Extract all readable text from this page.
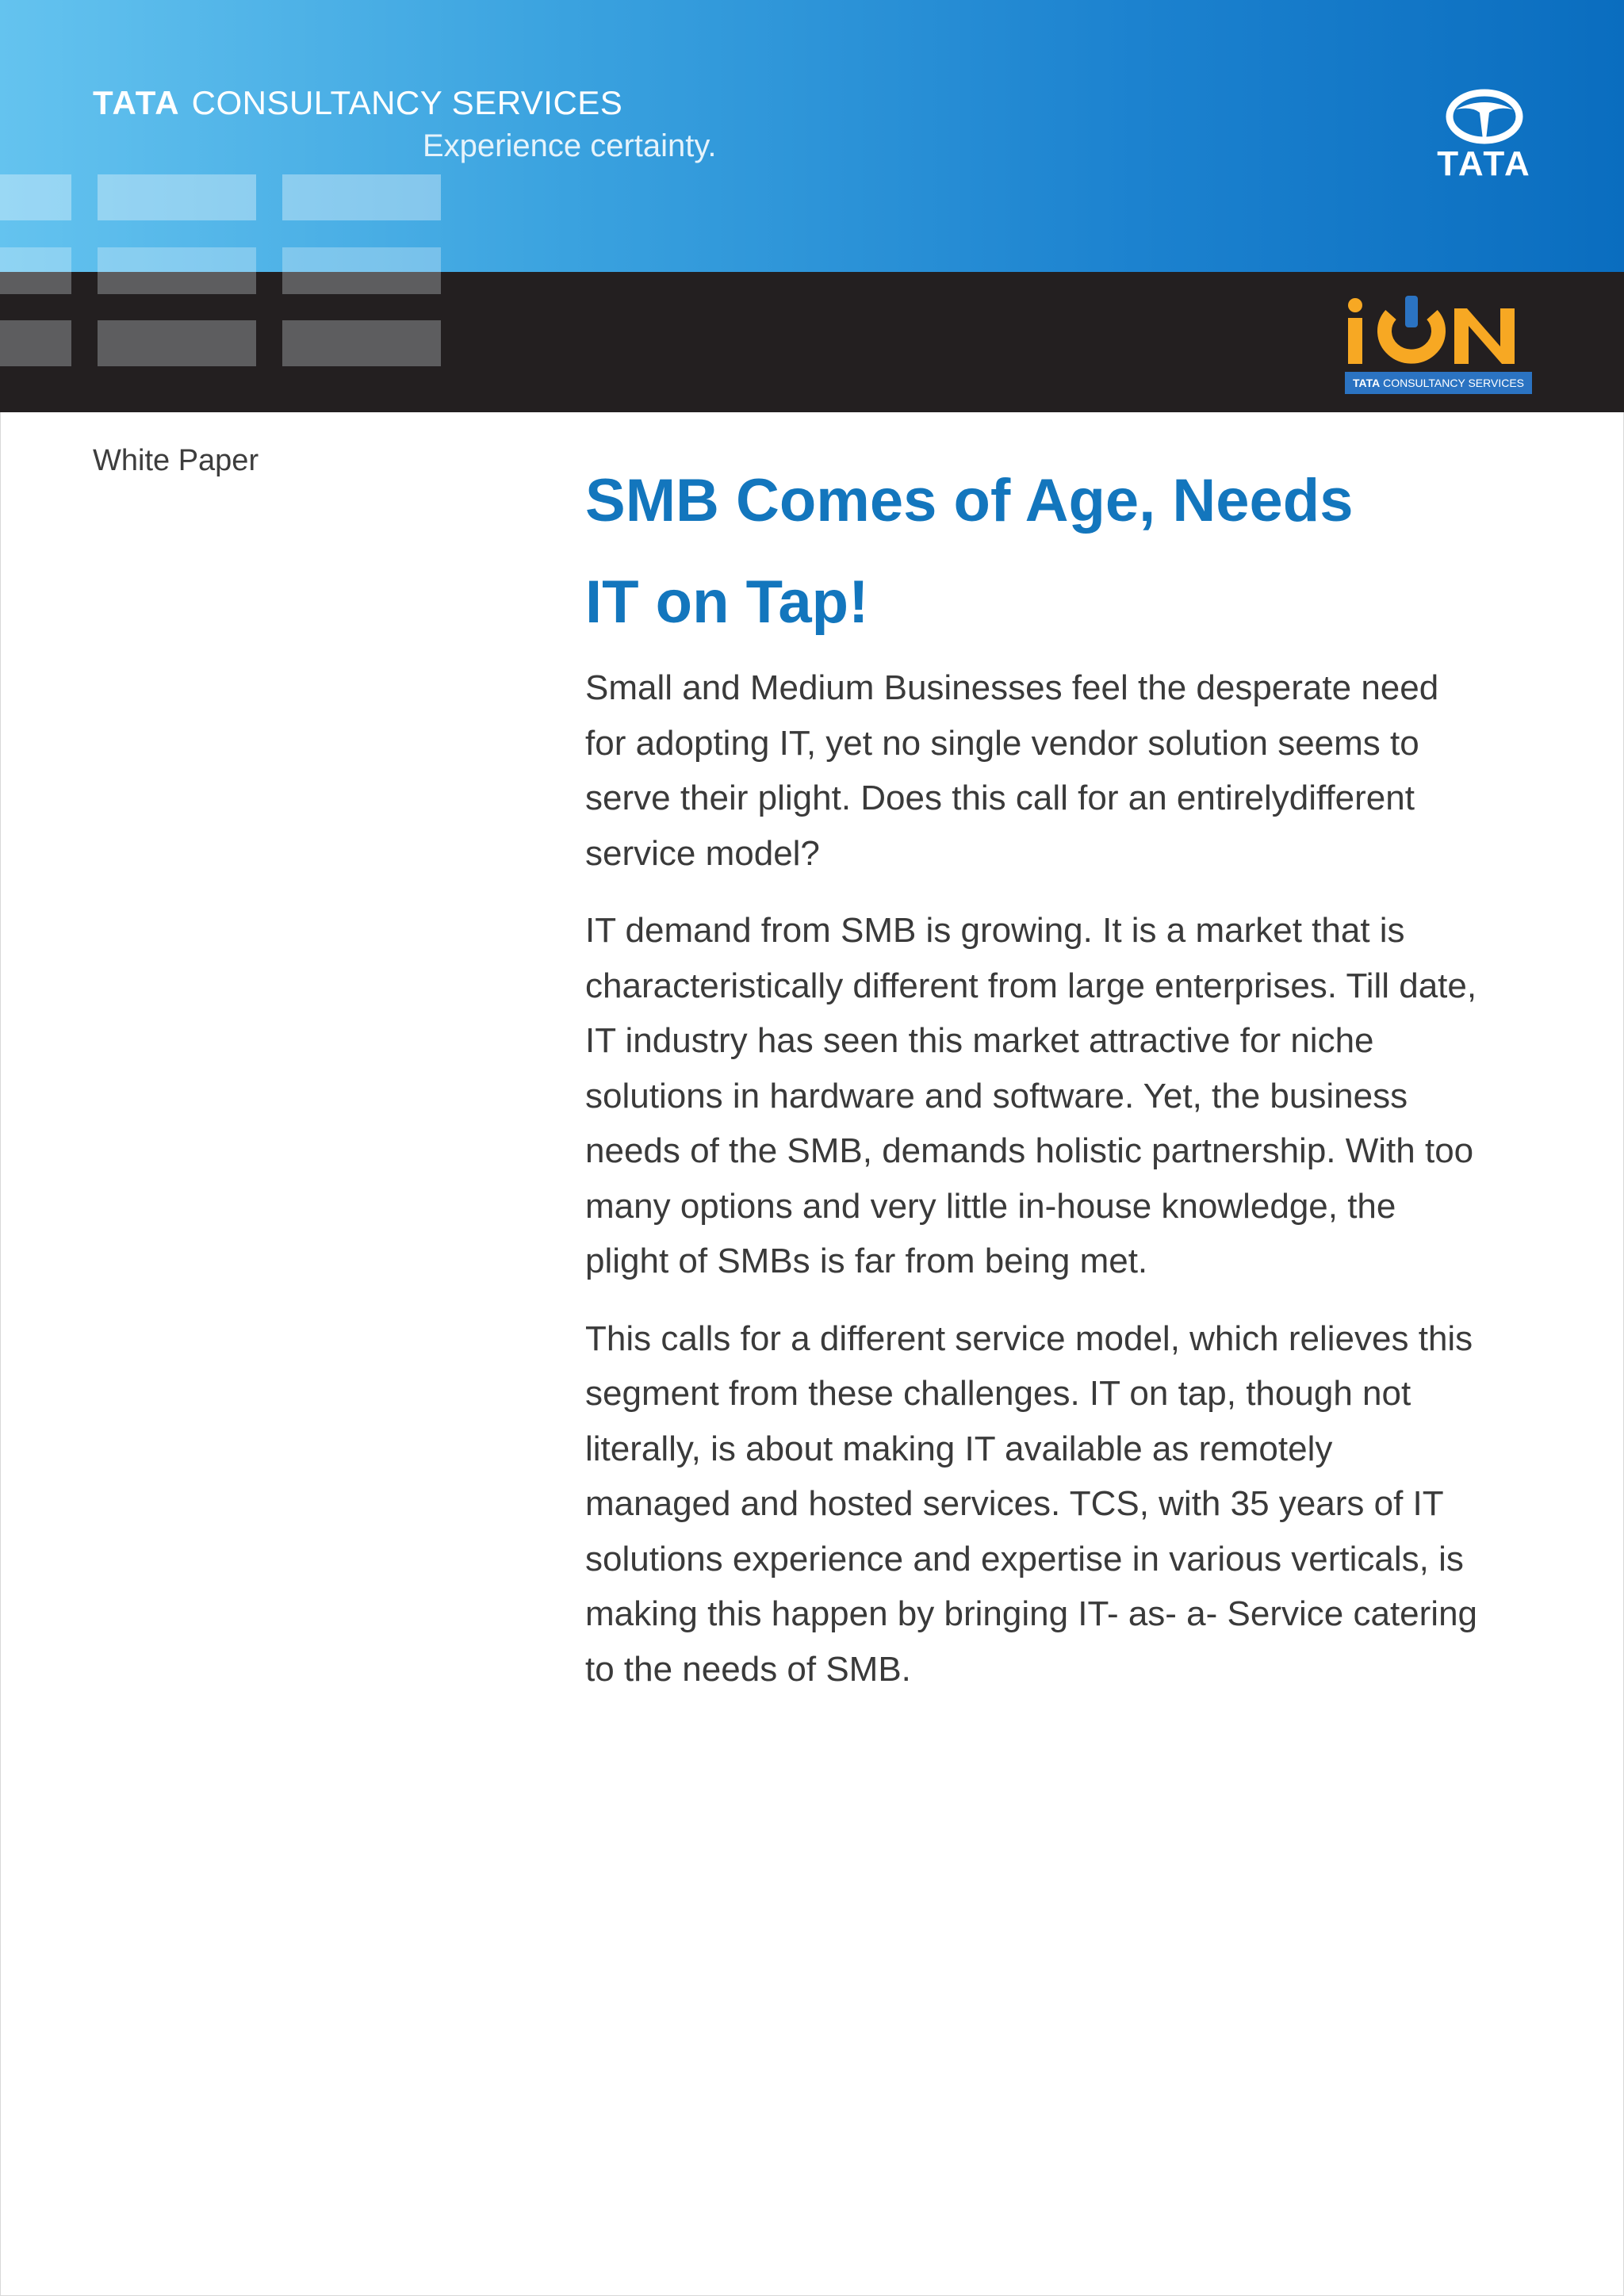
TATA CONSULTANCY SERVICES
Experience certainty.	TATA
TATA CONSULTANCY SERVICES
White Paper
SMB Comes of Age, Needs
IT on Tap!

Small and Medium Businesses feel the desperate need for adopting IT, yet no single vendor solution seems to serve their plight. Does this call for an entirelydifferent service model?

IT demand from SMB is growing. It is a market that is characteristically different from large enterprises. Till date, IT industry has seen this market attractive for niche solutions in hardware and software. Yet, the business needs of the SMB, demands holistic partnership. With too many options and very little in-house knowledge, the plight of SMBs is far from being met.

This calls for a different service model, which relieves this segment from these challenges. IT on tap, though not literally, is about making IT available as remotely managed and hosted services. TCS, with 35 years of IT solutions experience and expertise in various verticals, is making this happen by bringing IT- as- a- Service catering to the needs of SMB.
